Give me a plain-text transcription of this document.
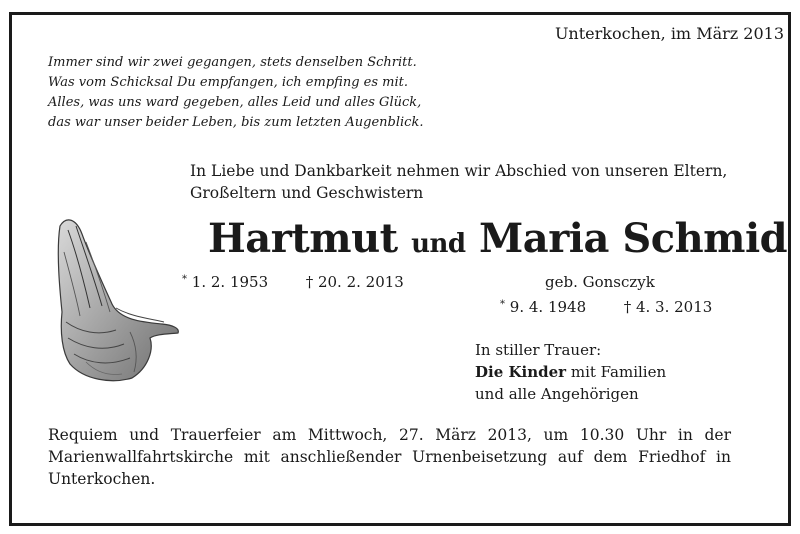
Unterkochen, im März 2013
Immer sind wir zwei gegangen, stets denselben Schritt.
Was vom Schicksal Du empfangen, ich empfing es mit.
Alles, was uns ward gegeben, alles Leid und alles Glück,
das war unser beider Leben, bis zum letzten Augenblick.
In Liebe und Dankbarkeit nehmen wir Abschied von unseren Eltern,
Großeltern und Geschwistern
Hartmut und Maria Schmid
* 1. 2. 1953	† 20. 2. 2013	geb. Gonsczyk
* 9. 4. 1948	† 4. 3. 2013
In stiller Trauer:
Die Kinder mit Familien
und alle Angehörigen
Requiem und Trauerfeier am Mittwoch, 27. März 2013, um 10.30 Uhr in der
Marienwallfahrtskirche mit anschließender Urnenbeisetzung auf dem Friedhof in
Unterkochen.
